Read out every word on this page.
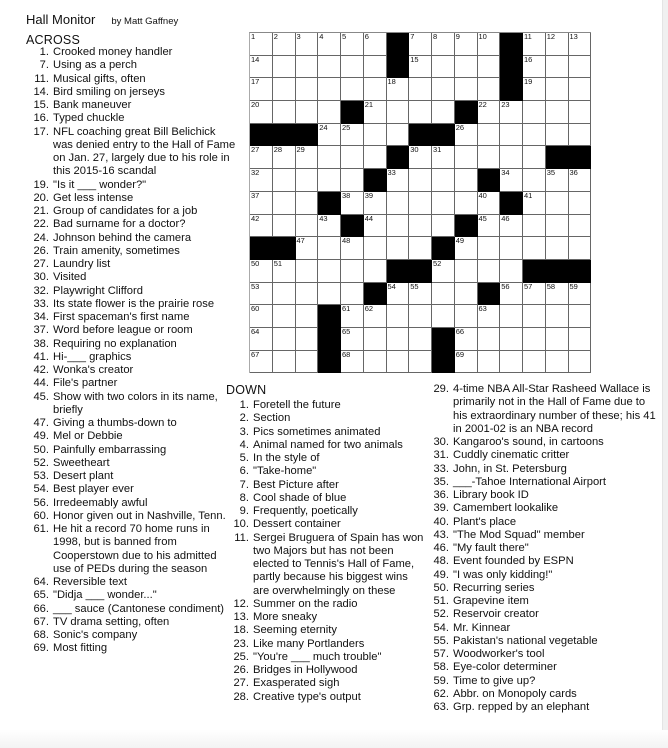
Hall Monitor by Matt Gaffney
ACROSS
1. Crooked money handler
7. Using as a perch
11. Musical gifts, often
14. Bird smiling on jerseys
15. Bank maneuver
16. Typed chuckle
17. NFL coaching great Bill Belichick was denied entry to the Hall of Fame on Jan. 27, largely due to his role in this 2015-16 scandal
19. "Is it ___ wonder?"
20. Get less intense
21. Group of candidates for a job
22. Bad surname for a doctor?
24. Johnson behind the camera
26. Train amenity, sometimes
27. Laundry list
30. Visited
32. Playwright Clifford
33. Its state flower is the prairie rose
34. First spaceman's first name
37. Word before league or room
38. Requiring no explanation
41. Hi-___ graphics
42. Wonka's creator
44. File's partner
45. Show with two colors in its name, briefly
47. Giving a thumbs-down to
49. Mel or Debbie
50. Painfully embarrassing
52. Sweetheart
53. Desert plant
54. Best player ever
56. Irredeemably awful
60. Honor given out in Nashville, Tenn.
61. He hit a record 70 home runs in 1998, but is banned from Cooperstown due to his admitted use of PEDs during the season
64. Reversible text
65. "Didja ___ wonder..."
66. ___ sauce (Cantonese condiment)
67. TV drama setting, often
68. Sonic's company
69. Most fitting
1 2 3 4 5 6	7 8 9 10	11 12 13
14	15	16
17	18	19
20	21	22 23
24 25	26
27 28 29	30 31
32	33	34	35 36
37	38 39	40	41
42	43	44	45 46
47	48	49
50 51	52
53	54 55	56 57 58 59
60	61 62	63
64	65	66
67	68	69
DOWN
1. Foretell the future
2. Section
3. Pics sometimes animated
4. Animal named for two animals
5. In the style of
6. "Take-home"
7. Best Picture after
8. Cool shade of blue
9. Frequently, poetically
10. Dessert container
11. Sergei Bruguera of Spain has won two Majors but has not been elected to Tennis's Hall of Fame, partly because his biggest wins are overwhelmingly on these
12. Summer on the radio
13. More sneaky
18. Seeming eternity
23. Like many Portlanders
25. "You're ___ much trouble"
26. Bridges in Hollywood
27. Exasperated sigh
28. Creative type's output
29. 4-time NBA All-Star Rasheed Wallace is primarily not in the Hall of Fame due to his extraordinary number of these; his 41 in 2001-02 is an NBA record
30. Kangaroo's sound, in cartoons
31. Cuddly cinematic critter
33. John, in St. Petersburg
35. ___-Tahoe International Airport
36. Library book ID
39. Camembert lookalike
40. Plant's place
43. "The Mod Squad" member
46. "My fault there"
48. Event founded by ESPN
49. "I was only kidding!"
50. Recurring series
51. Grapevine item
52. Reservoir creator
54. Mr. Kinnear
55. Pakistan's national vegetable
57. Woodworker's tool
58. Eye-color determiner
59. Time to give up?
62. Abbr. on Monopoly cards
63. Grp. repped by an elephant
